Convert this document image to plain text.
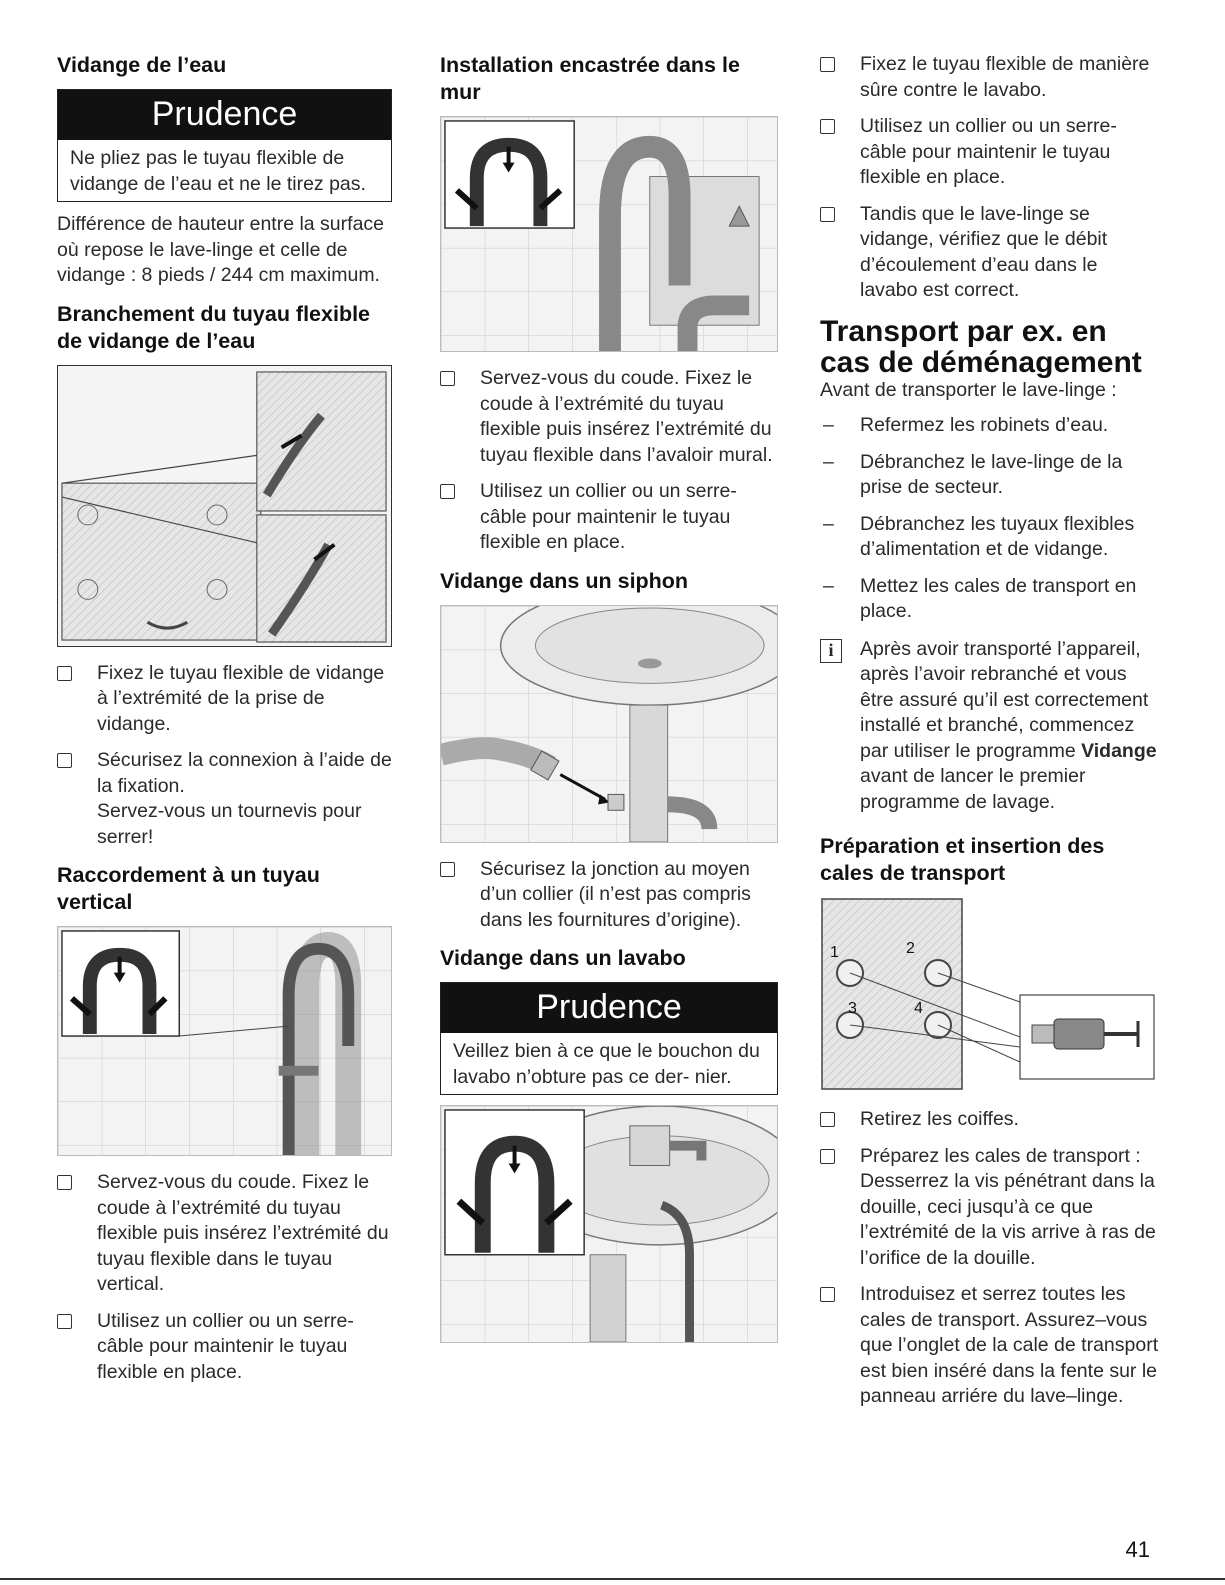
Vidange de l’eau
Prudence
Ne pliez pas le tuyau flexible de vidange de l’eau et ne le tirez pas.

Différence de hauteur entre la surface où repose le lave-linge et celle de vidange : 8 pieds / 244 cm maximum.

Branchement du tuyau flexible de vidange de l’eau
Fixez le tuyau flexible de vidange à l’extrémité de la prise de vidange.
Sécurisez la connexion à l’aide de la fixation.
Servez-vous un tournevis pour serrer!
Raccordement à un tuyau vertical
Servez-vous du coude. Fixez le coude à l’extrémité du tuyau flexible puis insérez l’extrémité du tuyau flexible dans le tuyau vertical.
Utilisez un collier ou un serre-câble pour maintenir le tuyau flexible en place.
Installation encastrée dans le mur
Servez-vous du coude. Fixez le coude à l’extrémité du tuyau flexible puis insérez l’extrémité du tuyau flexible dans l’avaloir mural.
Utilisez un collier ou un serre-câble pour maintenir le tuyau flexible en place.
Vidange dans un siphon
Sécurisez la jonction au moyen d’un collier (il n’est pas compris dans les fournitures d’origine).
Vidange dans un lavabo
Prudence
Veillez bien à ce que le bouchon du lavabo n’obture pas ce der- nier.
Fixez le tuyau flexible de manière sûre contre le lavabo.
Utilisez un collier ou un serre-câble pour maintenir le tuyau flexible en place.
Tandis que le lave-linge se vidange, vérifiez que le débit d’écoulement d’eau dans le lavabo est correct.
Transport par ex. en cas de déménagement

Avant de transporter le lave-linge :

– Refermez les robinets d’eau.
– Débranchez le lave-linge de la prise de secteur.
– Débranchez les tuyaux flexibles d’alimentation et de vidange.
– Mettez les cales de transport en place.
i	Après avoir transporté l’appareil, après l’avoir rebranché et vous être assuré qu’il est correctement installé et branché, commencez par utiliser le programme Vidange avant de lancer le premier programme de lavage.
Préparation et insertion des cales de transport
1	2
3	4
Retirez les coiffes.
Préparez les cales de transport : Desserrez la vis pénétrant dans la douille, ceci jusqu’à ce que l’extrémité de la vis arrive à ras de l’orifice de la douille.
Introduisez et serrez toutes les cales de transport. Assurez–vous que l’onglet de la cale de transport est bien inséré dans la fente sur le panneau arriére du lave–linge.
41
